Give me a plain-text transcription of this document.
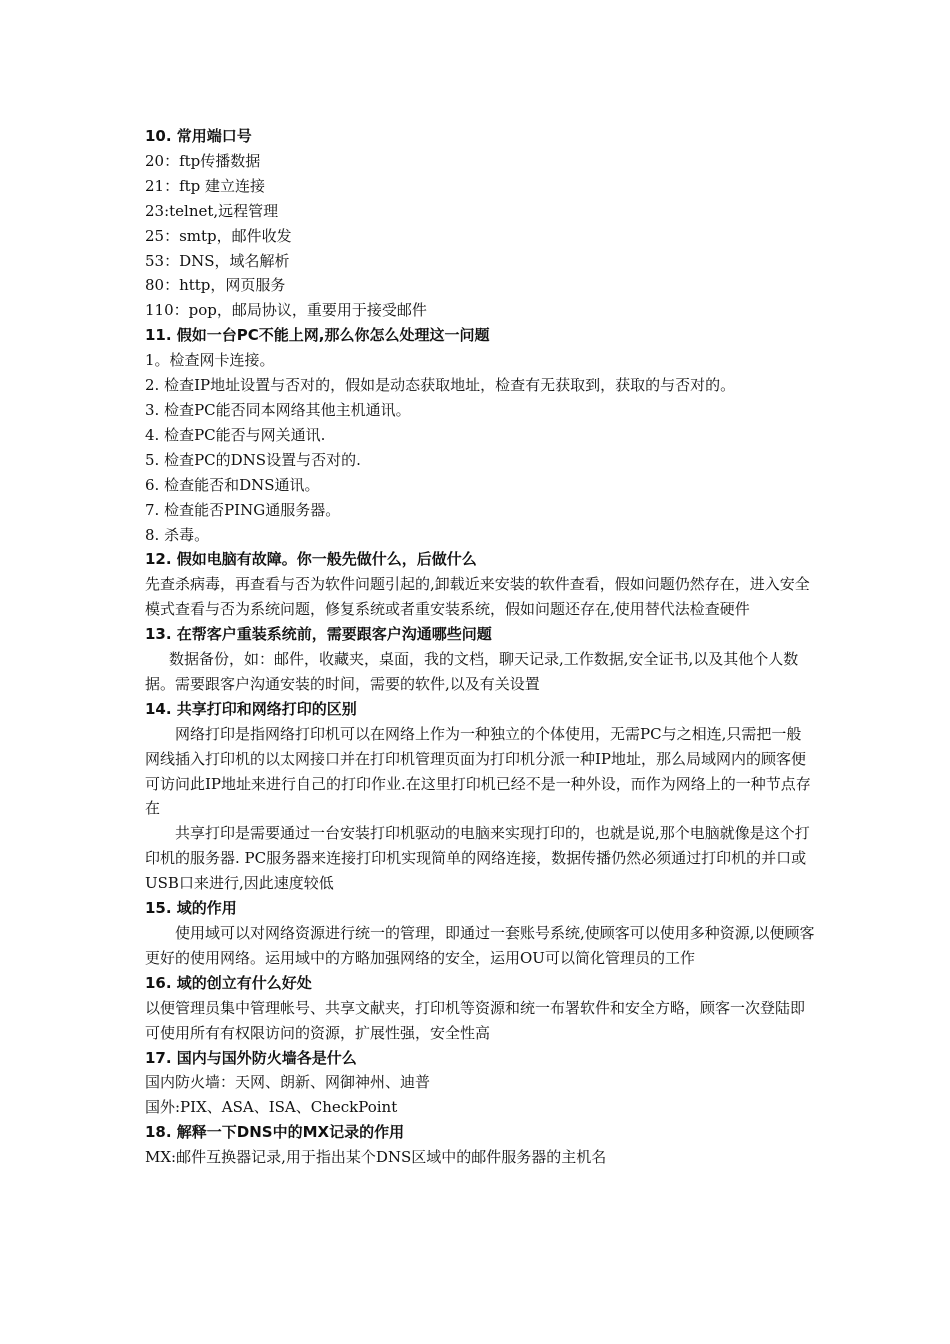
10. 常用端口号
20：ftp传播数据
21：ftp 建立连接
23:telnet,远程管理
25：smtp，邮件收发
53：DNS，域名解析
80：http，网页服务
110：pop，邮局协议，重要用于接受邮件
11. 假如一台PC不能上网,那么你怎么处理这一问题
1。检查网卡连接。
2. 检查IP地址设置与否对的，假如是动态获取地址，检查有无获取到，获取的与否对的。
3. 检查PC能否同本网络其他主机通讯。
4. 检查PC能否与网关通讯.
5. 检查PC的DNS设置与否对的.
6. 检查能否和DNS通讯。
7. 检查能否PING通服务器。
8. 杀毒。
12. 假如电脑有故障。你一般先做什么，后做什么

先查杀病毒，再查看与否为软件问题引起的,卸载近来安装的软件查看，假如问题仍然存在，进入安全模式查看与否为系统问题，修复系统或者重安装系统，假如问题还存在,使用替代法检查硬件

13. 在帮客户重装系统前，需要跟客户沟通哪些问题

数据备份，如：邮件，收藏夹，桌面，我的文档，聊天记录,工作数据,安全证书,以及其他个人数据。需要跟客户沟通安装的时间，需要的软件,以及有关设置

14. 共享打印和网络打印的区别

网络打印是指网络打印机可以在网络上作为一种独立的个体使用，无需PC与之相连,只需把一般网线插入打印机的以太网接口并在打印机管理页面为打印机分派一种IP地址，那么局域网内的顾客便可访问此IP地址来进行自己的打印作业.在这里打印机已经不是一种外设，而作为网络上的一种节点存在

共享打印是需要通过一台安装打印机驱动的电脑来实现打印的，也就是说,那个电脑就像是这个打印机的服务器. PC服务器来连接打印机实现简单的网络连接，数据传播仍然必须通过打印机的并口或USB口来进行,因此速度较低

15. 域的作用

使用域可以对网络资源进行统一的管理，即通过一套账号系统,使顾客可以使用多种资源,以便顾客更好的使用网络。运用域中的方略加强网络的安全，运用OU可以简化管理员的工作

16. 域的创立有什么好处

以便管理员集中管理帐号、共享文献夹，打印机等资源和统一布署软件和安全方略，顾客一次登陆即可使用所有有权限访问的资源，扩展性强，安全性高

17. 国内与国外防火墙各是什么
国内防火墙：天网、朗新、网御神州、迪普
国外:PIX、ASA、ISA、CheckPoint
18. 解释一下DNS中的MX记录的作用
MX:邮件互换器记录,用于指出某个DNS区域中的邮件服务器的主机名
